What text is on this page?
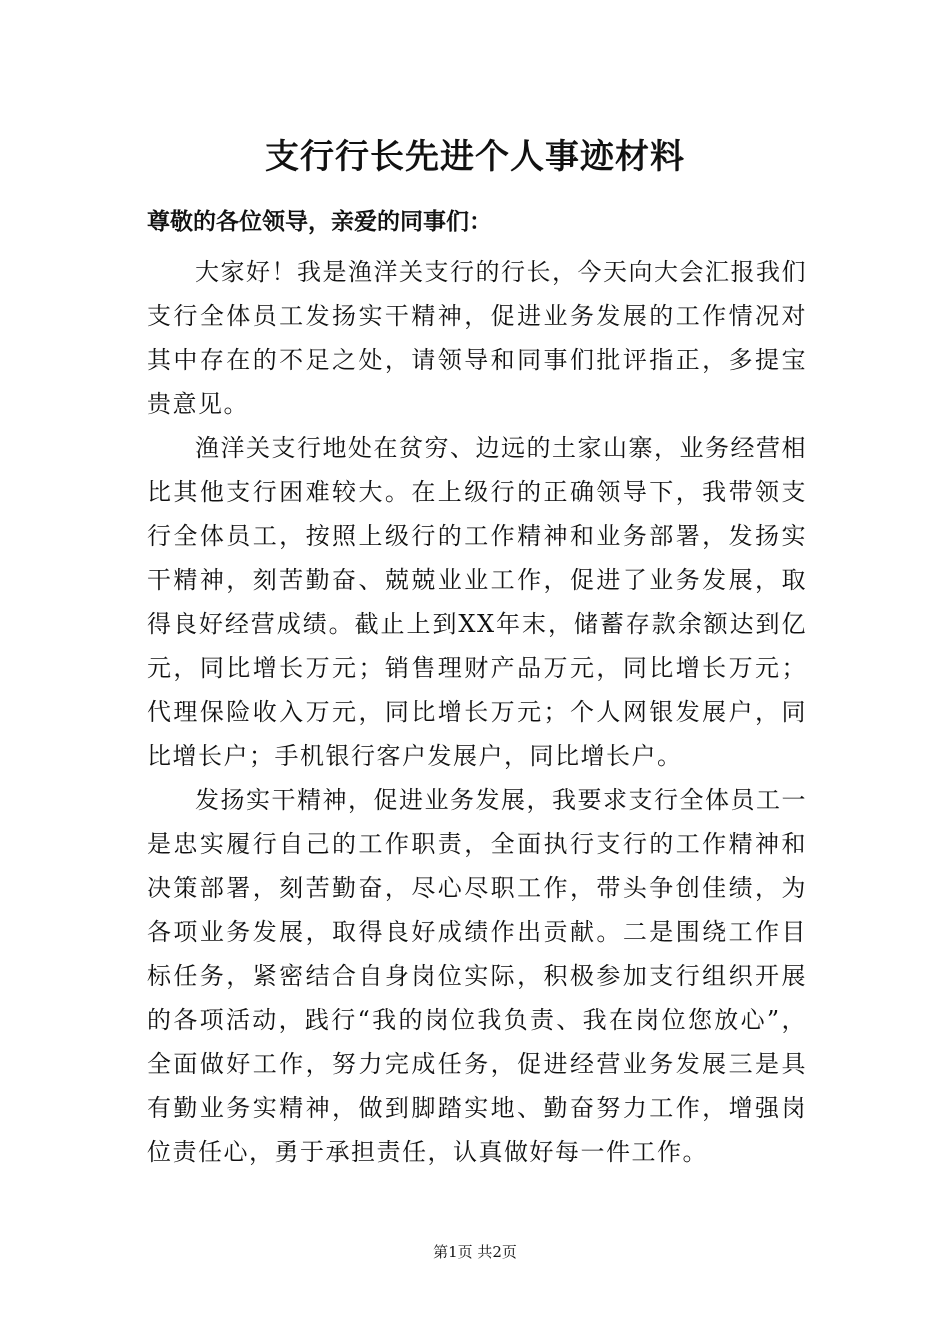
支行行长先进个人事迹材料
尊敬的各位领导，亲爱的同事们：

大家好！我是渔洋关支行的行长，今天向大会汇报我们支行全体员工发扬实干精神，促进业务发展的工作情况对其中存在的不足之处，请领导和同事们批评指正，多提宝贵意见。

渔洋关支行地处在贫穷、边远的土家山寨，业务经营相比其他支行困难较大。在上级行的正确领导下，我带领支行全体员工，按照上级行的工作精神和业务部署，发扬实干精神，刻苦勤奋、兢兢业业工作，促进了业务发展，取得良好经营成绩。截止上到XX年末，储蓄存款余额达到亿元，同比增长万元；销售理财产品万元，同比增长万元；代理保险收入万元，同比增长万元；个人网银发展户，同比增长户；手机银行客户发展户，同比增长户。

发扬实干精神，促进业务发展，我要求支行全体员工一是忠实履行自己的工作职责，全面执行支行的工作精神和决策部署，刻苦勤奋，尽心尽职工作，带头争创佳绩，为各项业务发展，取得良好成绩作出贡献。二是围绕工作目标任务，紧密结合自身岗位实际，积极参加支行组织开展的各项活动，践行“我的岗位我负责、我在岗位您放心”，全面做好工作，努力完成任务，促进经营业务发展三是具有勤业务实精神，做到脚踏实地、勤奋努力工作，增强岗位责任心，勇于承担责任，认真做好每一件工作。

第1页 共2页
